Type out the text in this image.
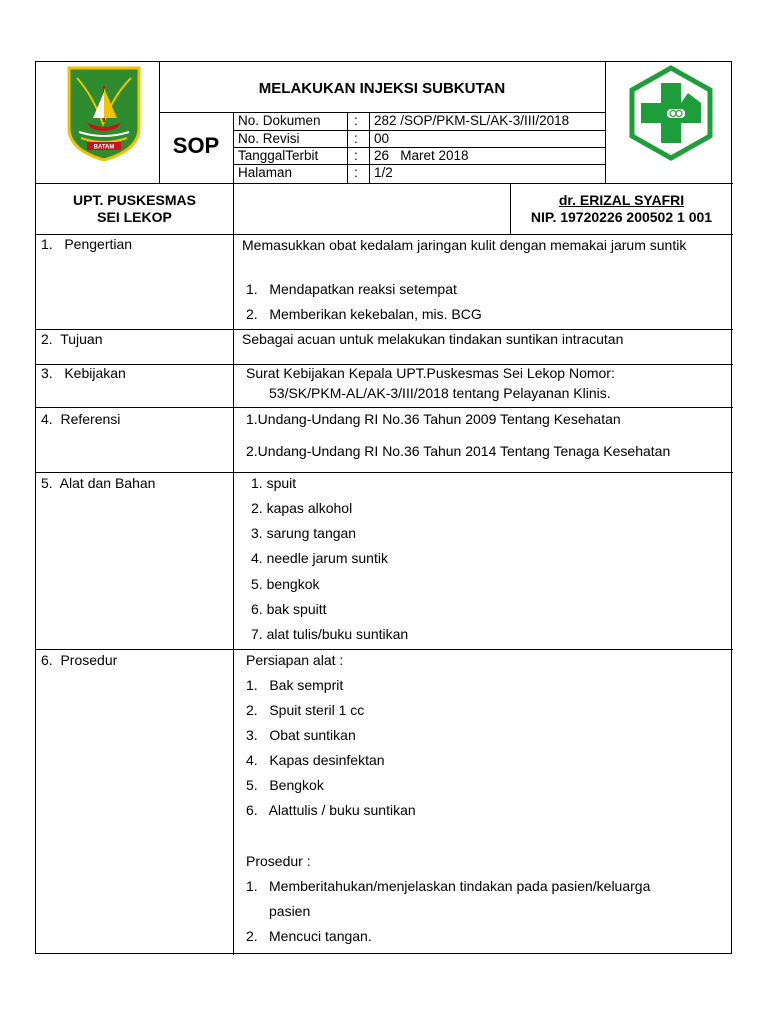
BATAM
MELAKUKAN INJEKSI SUBKUTAN
SOP
No. Dokumen : 282 /SOP/PKM-SL/AK-3/III/2018
No. Revisi	: 00
TanggalTerbit	: 26   Maret 2018
Halaman	: 1/2
UPT. PUSKESMAS
SEI LEKOP
dr. ERIZAL SYAFRI
NIP. 19720226 200502 1 001
1.   Pengertian	Memasukkan obat kedalam jaringan kulit dengan memakai jarum suntik
1.   Mendapatkan reaksi setempat
2.   Memberikan kekebalan, mis. BCG
2.  Tujuan	Sebagai acuan untuk melakukan tindakan suntikan intracutan
3.   Kebijakan	Surat Kebijakan Kepala UPT.Puskesmas Sei Lekop Nomor:
53/SK/PKM-AL/AK-3/III/2018 tentang Pelayanan Klinis.
4.  Referensi	1.Undang-Undang RI No.36 Tahun 2009 Tentang Kesehatan
2.Undang-Undang RI No.36 Tahun 2014 Tentang Tenaga Kesehatan
5.  Alat dan Bahan	1. spuit
2. kapas alkohol
3. sarung tangan
4. needle jarum suntik
5. bengkok
6. bak spuitt
7. alat tulis/buku suntikan
6.  Prosedur	Persiapan alat :
1.   Bak semprit
2.   Spuit steril 1 cc
3.   Obat suntikan
4.   Kapas desinfektan
5.   Bengkok
6.   Alattulis / buku suntikan
Prosedur :
1. Memberitahukan/menjelaskan tindakan pada pasien/keluarga
pasien
2. Mencuci tangan.
